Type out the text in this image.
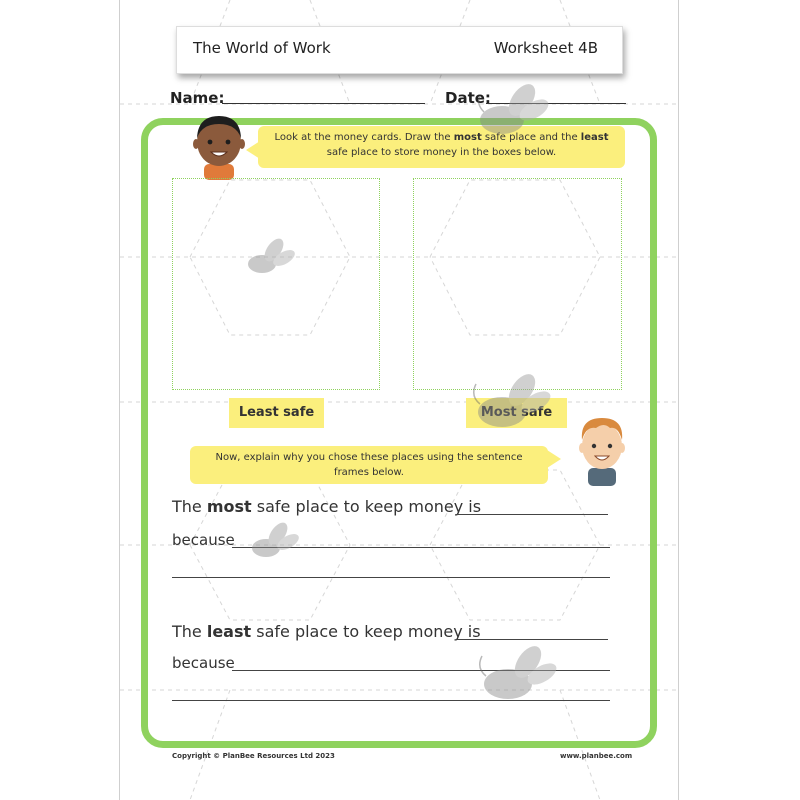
The World of Work	Worksheet 4B
Name:	Date:
Look at the money cards. Draw the most safe place and the least
safe place to store money in the boxes below.
Least safe	Most safe
Now, explain why you chose these places using the sentence frames below.
The most safe place to keep money is
because
The least safe place to keep money is
because
Copyright © PlanBee Resources Ltd 2023	www.planbee.com
